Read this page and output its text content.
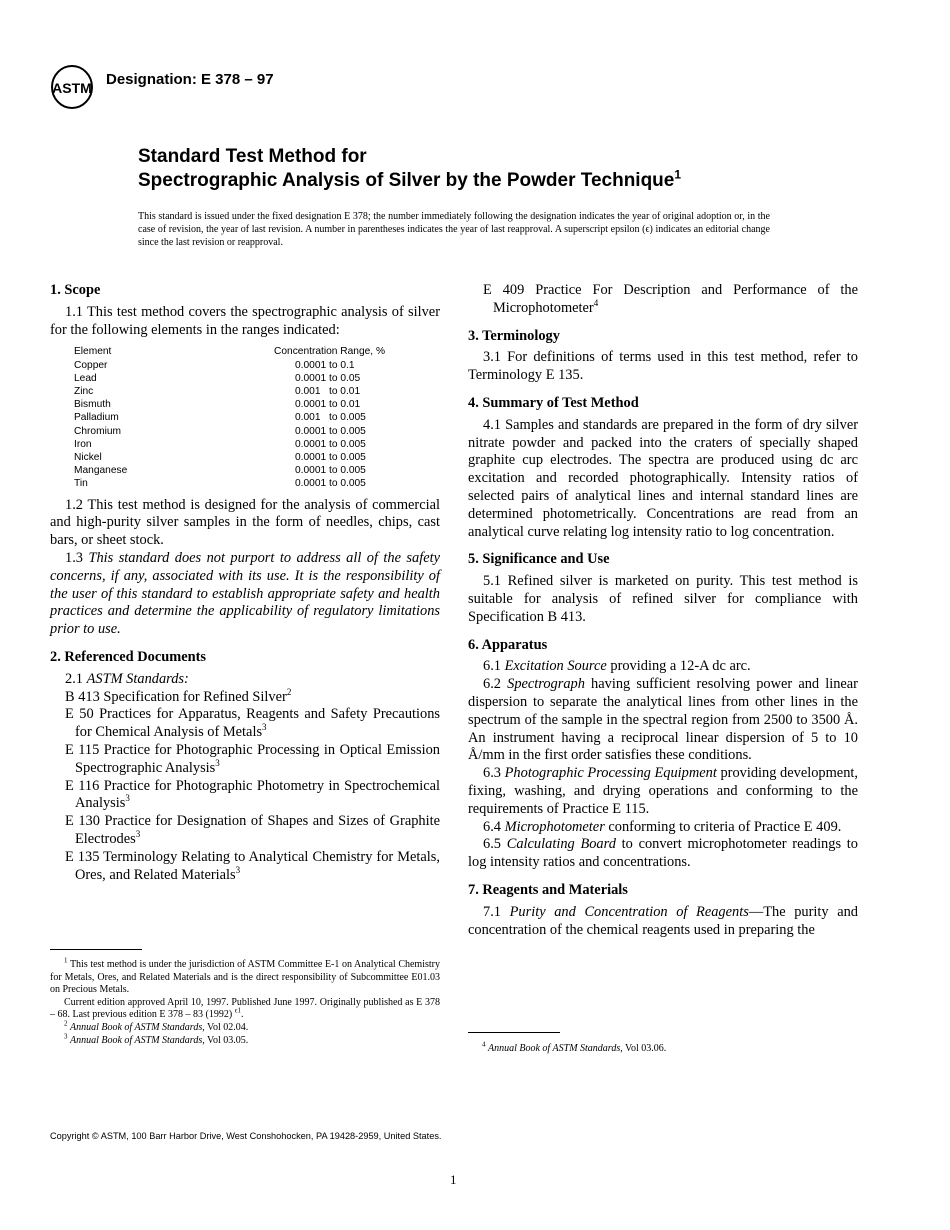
ASTM Designation: E 378 – 97
Standard Test Method for
Spectrographic Analysis of Silver by the Powder Technique$^1$
This standard is issued under the fixed designation E 378; the number immediately following the designation indicates the year of original adoption or, in the case of revision, the year of last revision. A number in parentheses indicates the year of last reapproval. A superscript epsilon (ϵ) indicates an editorial change since the last revision or reapproval.
1. Scope

1.1 This test method covers the spectrographic analysis of silver for the following elements in the ranges indicated:

Element	Concentration Range, %
Copper	0.0001 to 0.1
Lead	0.0001 to 0.05
Zinc	0.001   to 0.01
Bismuth	0.0001 to 0.01
Palladium	0.001   to 0.005
Chromium	0.0001 to 0.005
Iron	0.0001 to 0.005
Nickel	0.0001 to 0.005
Manganese	0.0001 to 0.005
Tin	0.0001 to 0.005

1.2 This test method is designed for the analysis of commercial and high-purity silver samples in the form of needles, chips, cast bars, or sheet stock.

1.3 This standard does not purport to address all of the safety concerns, if any, associated with its use. It is the responsibility of the user of this standard to establish appropriate safety and health practices and determine the applicability of regulatory limitations prior to use.

2. Referenced Documents

2.1 ASTM Standards:

B 413 Specification for Refined Silver$^2$
E 50 Practices for Apparatus, Reagents and Safety Precautions for Chemical Analysis of Metals$^3$
E 115 Practice for Photographic Processing in Optical Emission Spectrographic Analysis$^3$
E 116 Practice for Photographic Photometry in Spectrochemical Analysis$^3$
E 130 Practice for Designation of Shapes and Sizes of Graphite Electrodes$^3$
E 135 Terminology Relating to Analytical Chemistry for Metals, Ores, and Related Materials$^3$
E 409 Practice For Description and Performance of the Microphotometer$^4$
3. Terminology

3.1 For definitions of terms used in this test method, refer to Terminology E 135.

4. Summary of Test Method

4.1 Samples and standards are prepared in the form of dry silver nitrate powder and packed into the craters of specially shaped graphite cup electrodes. The spectra are produced using dc arc excitation and recorded photographically. Intensity ratios of selected pairs of analytical lines and internal standard lines are determined photometrically. Concentrations are read from an analytical curve relating log intensity ratio to log concentration.

5. Significance and Use

5.1 Refined silver is marketed on purity. This test method is suitable for analysis of refined silver for compliance with Specification B 413.

6. Apparatus

6.1 Excitation Source providing a 12-A dc arc.

6.2 Spectrograph having sufficient resolving power and linear dispersion to separate the analytical lines from other lines in the spectrum of the sample in the spectral region from 2500 to 3500 Å. An instrument having a reciprocal linear dispersion of 5 to 10 Å/mm in the first order satisfies these conditions.

6.3 Photographic Processing Equipment providing development, fixing, washing, and drying operations and conforming to the requirements of Practice E 115.

6.4 Microphotometer conforming to criteria of Practice E 409.

6.5 Calculating Board to convert microphotometer readings to log intensity ratios and concentrations.

7. Reagents and Materials

7.1 Purity and Concentration of Reagents—The purity and concentration of the chemical reagents used in preparing the

$^1$ This test method is under the jurisdiction of ASTM Committee E-1 on Analytical Chemistry for Metals, Ores, and Related Materials and is the direct responsibility of Subcommittee E01.03 on Precious Metals.

Current edition approved April 10, 1997. Published June 1997. Originally published as E 378 – 68. Last previous edition E 378 – 83 (1992) $^{\epsilon 1}$.

$^2$ Annual Book of ASTM Standards, Vol 02.04.

$^3$ Annual Book of ASTM Standards, Vol 03.05.	$^4$ Annual Book of ASTM Standards, Vol 03.06.

Copyright © ASTM, 100 Barr Harbor Drive, West Conshohocken, PA 19428-2959, United States.
1
